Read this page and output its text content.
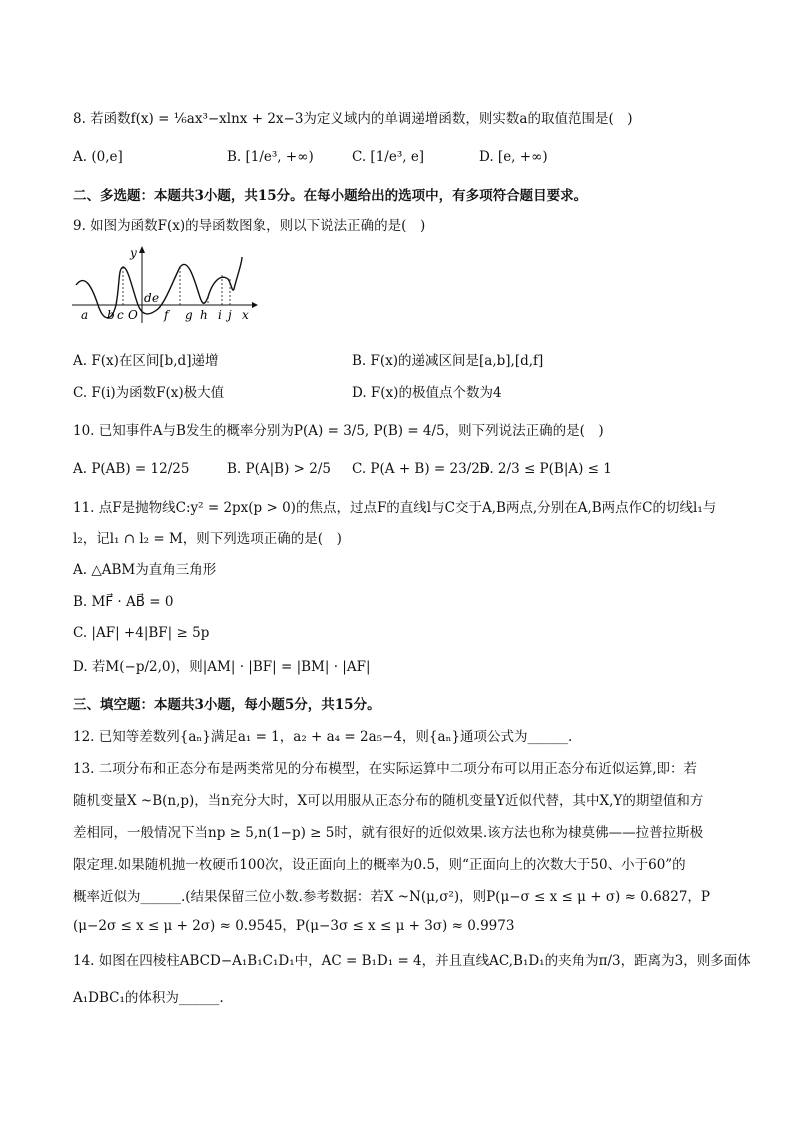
8. 若函数f(x) = ⅙ax³−xlnx + 2x−3为定义域内的单调递增函数，则实数a的取值范围是(　)
A. (0,e]	B. [1/e³, +∞)	C. [1/e³, e]	D. [e, +∞)
二、多选题：本题共3小题，共15分。在每小题给出的选项中，有多项符合题目要求。
9. 如图为函数F(x)的导函数图象，则以下说法正确的是(　)
y
x
a b c O
d e
f g h i j
A. F(x)在区间[b,d]递增	B. F(x)的递减区间是[a,b],[d,f]
C. F(i)为函数F(x)极大值	D. F(x)的极值点个数为4
10. 已知事件A与B发生的概率分别为P(A) = 3/5, P(B) = 4/5，则下列说法正确的是(　)
A. P(AB) = 12/25	B. P(A|B) > 2/5 C. P(A + B) = 23/25
D. 2/3 ≤ P(B|A) ≤ 1
11. 点F是抛物线C:y² = 2px(p > 0)的焦点，过点F的直线l与C交于A,B两点,分别在A,B两点作C的切线l₁与
l₂，记l₁ ∩ l₂ = M，则下列选项正确的是(　)
A. △ABM为直角三角形
B. MF⃗ · AB⃗ = 0
C. |AF| +4|BF| ≥ 5p
D. 若M(−p/2,0)，则|AM| · |BF| = |BM| · |AF|
三、填空题：本题共3小题，每小题5分，共15分。
12. 已知等差数列{aₙ}满足a₁ = 1，a₂ + a₄ = 2a₅−4，则{aₙ}通项公式为______.
13. 二项分布和正态分布是两类常见的分布模型，在实际运算中二项分布可以用正态分布近似运算,即：若
随机变量X ~B(n,p)，当n充分大时，X可以用服从正态分布的随机变量Y近似代替，其中X,Y的期望值和方
差相同，一般情况下当np ≥ 5,n(1−p) ≥ 5时，就有很好的近似效果.该方法也称为棣莫佛——拉普拉斯极
限定理.如果随机抛一枚硬币100次，设正面向上的概率为0.5，则“正面向上的次数大于50、小于60”的
概率近似为______.(结果保留三位小数.参考数据：若X ~N(μ,σ²)，则P(μ−σ ≤ x ≤ μ + σ) ≈ 0.6827，P
(μ−2σ ≤ x ≤ μ + 2σ) ≈ 0.9545，P(μ−3σ ≤ x ≤ μ + 3σ) ≈ 0.9973
14. 如图在四棱柱ABCD−A₁B₁C₁D₁中，AC = B₁D₁ = 4，并且直线AC,B₁D₁的夹角为π/3，距离为3，则多面体
A₁DBC₁的体积为______.
